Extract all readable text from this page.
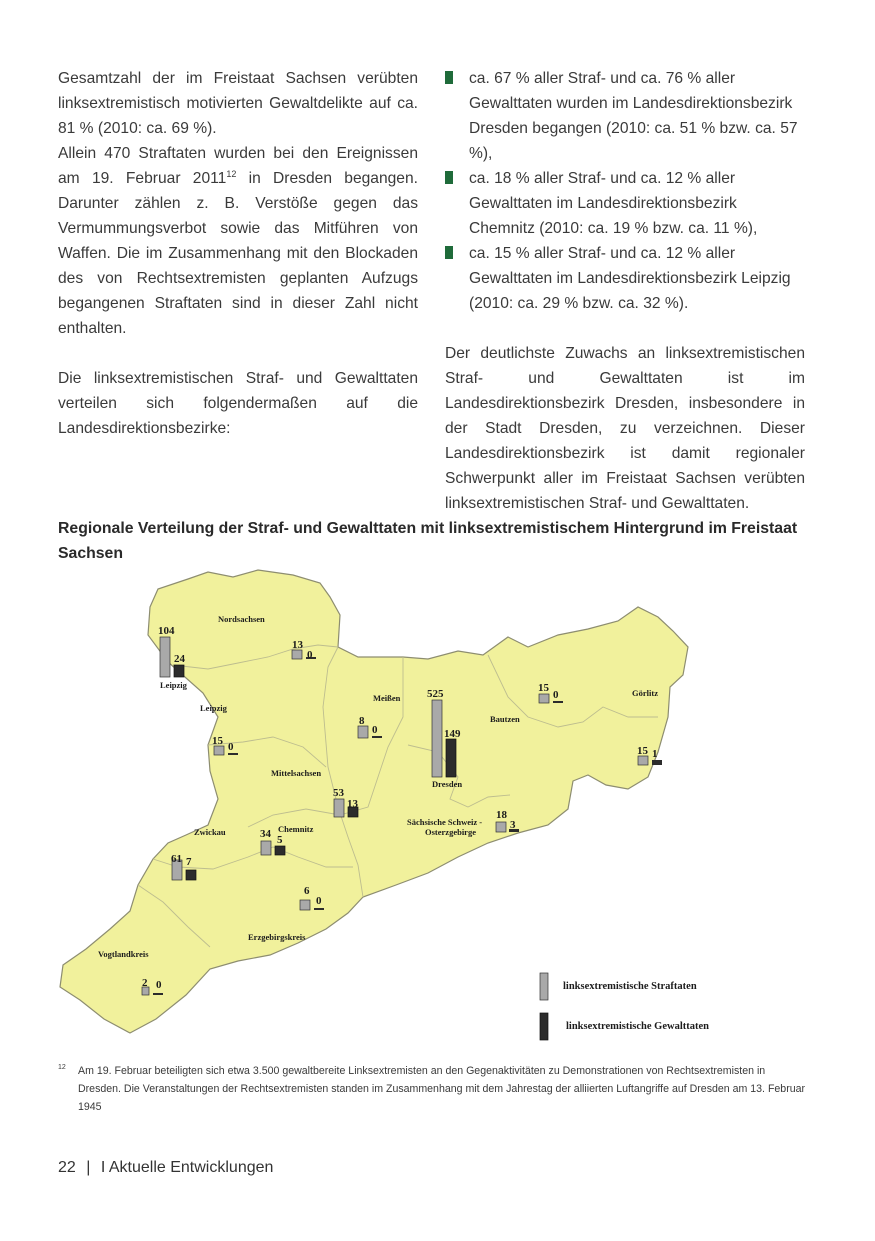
Gesamtzahl der im Freistaat Sachsen verübten linksextremistisch motivierten Gewaltdelikte auf ca. 81 % (2010: ca. 69 %).

Allein 470 Straftaten wurden bei den Ereignissen am 19. Februar 2011$^{12}$ in Dresden begangen. Darunter zählen z. B. Verstöße gegen das Vermummungsverbot sowie das Mitführen von Waffen. Die im Zusammenhang mit den Blockaden des von Rechtsextremisten geplanten Aufzugs begangenen Straftaten sind in dieser Zahl nicht enthalten.

Die linksextremistischen Straf- und Gewalttaten verteilen sich folgendermaßen auf die Landesdirektionsbezirke:

ca. 67 % aller Straf- und ca. 76 % aller Gewalttaten wurden im Landesdirektionsbezirk Dresden begangen (2010: ca. 51 % bzw. ca. 57 %),
ca. 18 % aller Straf- und ca. 12 % aller Gewalttaten im Landesdirektionsbezirk Chemnitz (2010: ca. 19 % bzw. ca. 11 %),
ca. 15 % aller Straf- und ca. 12 % aller Gewalttaten im Landesdirektionsbezirk Leipzig (2010: ca. 29 % bzw. ca. 32 %).

Der deutlichste Zuwachs an linksextremistischen Straf- und Gewalttaten ist im Landesdirektionsbezirk Dresden, insbesondere in der Stadt Dresden, zu verzeichnen. Dieser Landesdirektionsbezirk ist damit regionaler Schwerpunkt aller im Freistaat Sachsen verübten linksextremistischen Straf- und Gewalttaten.

Regionale Verteilung der Straf- und Gewalttaten mit linksextremistischem Hintergrund im Freistaat Sachsen
Nordsachsen
Leipzig
Leipzig
Meißen
Dresden
Bautzen
Görlitz
Mittelsachsen
Sächsische Schweiz -
Osterzgebirge
Zwickau	Chemnitz
Erzgebirgskreis
Vogtlandkreis
104
24
13
0
15 0
8
0
525
149
15
0
15 1
53
13
18
3
34 5
61 7
6
0
2 0	linksextremistische Straftaten
linksextremistische Gewalttaten
12 Am 19. Februar beteiligten sich etwa 3.500 gewaltbereite Linksextremisten an den Gegenaktivitäten zu Demonstrationen von Rechtsextremisten in Dresden. Die Veranstaltungen der Rechtsextremisten standen im Zusammenhang mit dem Jahrestag der alliierten Luftangriffe auf Dresden am 13. Februar 1945
22 | I Aktuelle Entwicklungen
